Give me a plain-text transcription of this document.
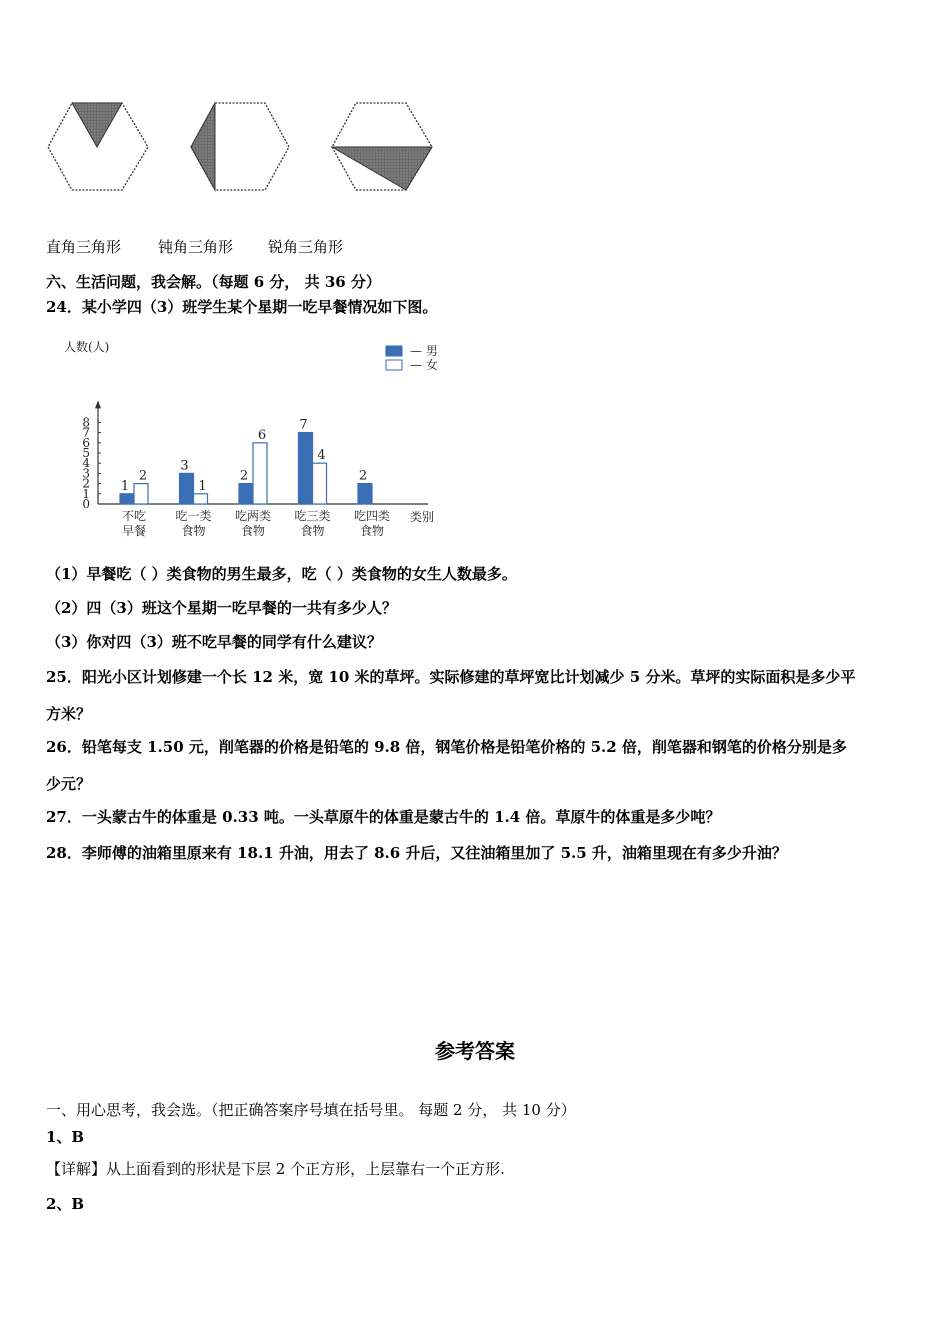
直角三角形 钝角三角形 锐角三角形
六、生活问题，我会解。（每题 6 分， 共 36 分）
24．某小学四（3）班学生某个星期一吃早餐情况如下图。
0
1
2
3
4
5
6
7
8
人数(人)
类别
1
2
不吃
早餐
3
1
吃一类
食物
2
6
吃两类
食物
7
4
吃三类
食物
2
吃四类
食物
— 男
— 女
（1）早餐吃（ ）类食物的男生最多，吃（ ）类食物的女生人数最多。
（2）四（3）班这个星期一吃早餐的一共有多少人？
（3）你对四（3）班不吃早餐的同学有什么建议？
25．阳光小区计划修建一个长 12 米，宽 10 米的草坪。实际修建的草坪宽比计划减少 5 分米。草坪的实际面积是多少平
方米？
26．铅笔每支 1.50 元，削笔器的价格是铅笔的 9.8 倍，钢笔价格是铅笔价格的 5.2 倍，削笔器和钢笔的价格分别是多
少元？
27．一头蒙古牛的体重是 0.33 吨。一头草原牛的体重是蒙古牛的 1.4 倍。草原牛的体重是多少吨？
28．李师傅的油箱里原来有 18.1 升油，用去了 8.6 升后，又往油箱里加了 5.5 升，油箱里现在有多少升油？
参考答案
一、用心思考，我会选。（把正确答案序号填在括号里。 每题 2 分， 共 10 分）
1、B
【详解】从上面看到的形状是下层 2 个正方形，上层靠右一个正方形.
2、B
